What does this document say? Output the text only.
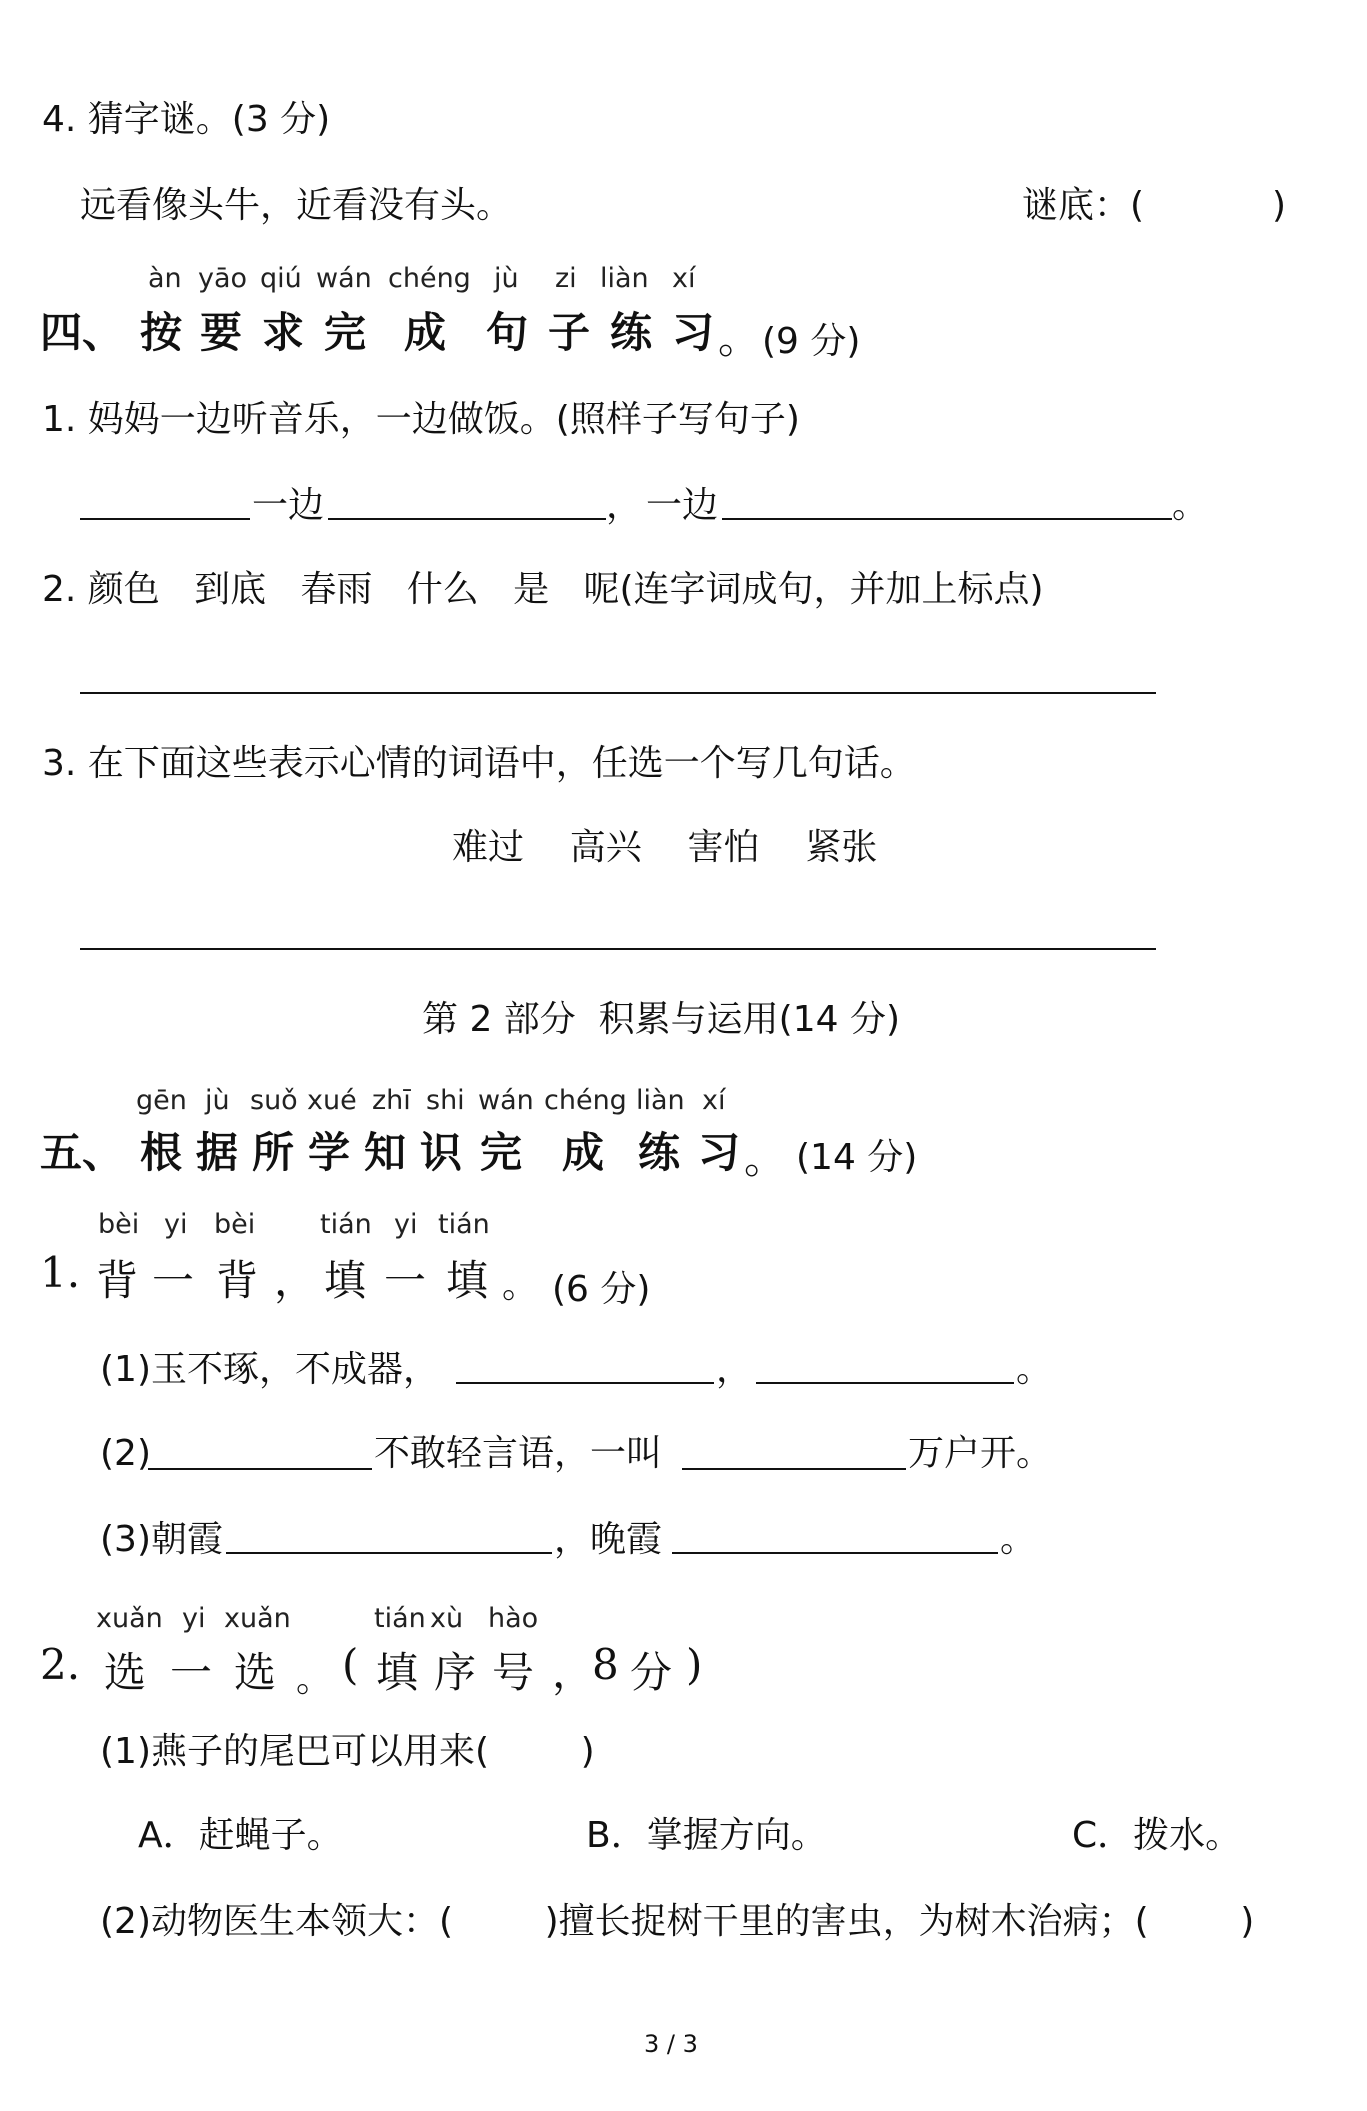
4. 猜字谜。(3 分)
远看像头牛，近看没有头。	谜底：(	)
àn yāo qiú wán chéng jù zi liàn xí
四、 按 要 求 完 成 句 子 练 习 。 (9 分)
1. 妈妈一边听音乐，一边做饭。(照样子写句子)
一边	， 一边	。
2. 颜色   到底   春雨   什么   是   呢(连字词成句，并加上标点)
3. 在下面这些表示心情的词语中，任选一个写几句话。
难过    高兴    害怕    紧张
第 2 部分  积累与运用(14 分)
gēn jù suǒ xué zhī shi wán chéng liàn xí
五、 根 据 所 学 知 识 完 成 练 习 。 (14 分)
bèi yi bèi tián yi tián
1. 背 一 背 ， 填 一 填 。 (6 分)
(1)玉不琢，不成器，	，	。
(2)	不敢轻言语，一叫	万户开。
(3)朝霞	，晚霞	。
xuǎn yi xuǎn	tián xù hào
2. 选 一 选 。 ( 填 序 号 ，
8 分 )
(1)燕子的尾巴可以用来(        )
A．赶蝇子。	B．掌握方向。	C．拨水。
(2)动物医生本领大：(        )擅长捉树干里的害虫，为树木治病；(        )
3 / 3
